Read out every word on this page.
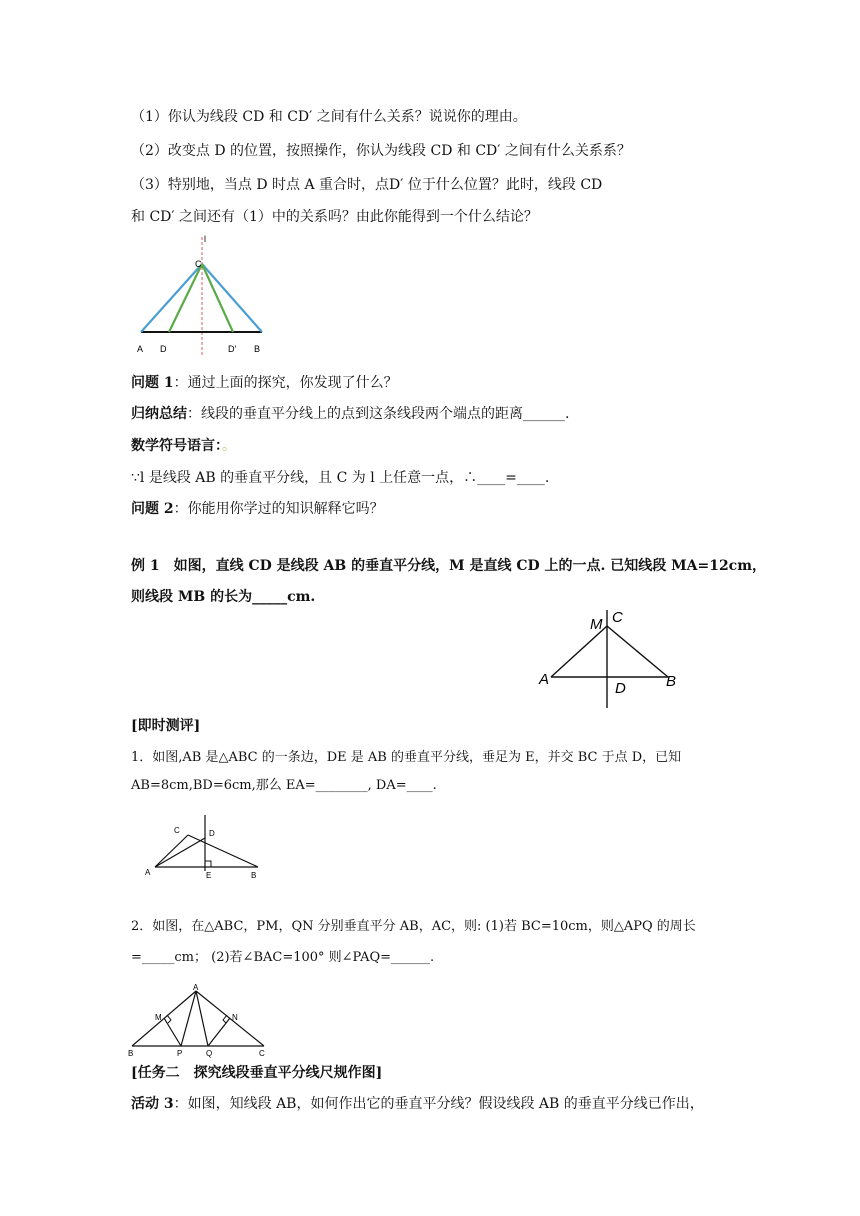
（1）你认为线段 CD 和 CD′ 之间有什么关系？说说你的理由。
（2）改变点 D 的位置，按照操作，你认为线段 CD 和 CD′ 之间有什么关系系？
（3）特别地，当点 D 时点 A 重合时，点D′ 位于什么位置？此时，线段 CD
和 CD′ 之间还有（1）中的关系吗？由此你能得到一个什么结论？
l
C
A D	D′ B
问题 1：通过上面的探究，你发现了什么？
归纳总结：线段的垂直平分线上的点到这条线段两个端点的距离______.
数学符号语言：。
∵l 是线段 AB 的垂直平分线，且 C 为 l 上任意一点，∴____=____.
问题 2：你能用你学过的知识解释它吗？
例 1　如图，直线 CD 是线段 AB 的垂直平分线，M 是直线 CD 上的一点. 已知线段 MA=12cm，
则线段 MB 的长为_____cm.
M C
A
D	B
[即时测评]
1．如图,AB 是△ABC 的一条边，DE 是 AB 的垂直平分线，垂足为 E，并交 BC 于点 D，已知
AB=8cm,BD=6cm,那么 EA=________, DA=____.
C	D
A	E	B
2．如图，在△ABC，PM，QN 分别垂直平分 AB，AC，则: (1)若 BC=10cm，则△APQ 的周长
=_____cm； (2)若∠BAC=100° 则∠PAQ=______.
A
M	N
B	P	Q	C
[任务二　探究线段垂直平分线尺规作图]
活动 3：如图，知线段 AB，如何作出它的垂直平分线？假设线段 AB 的垂直平分线已作出，
